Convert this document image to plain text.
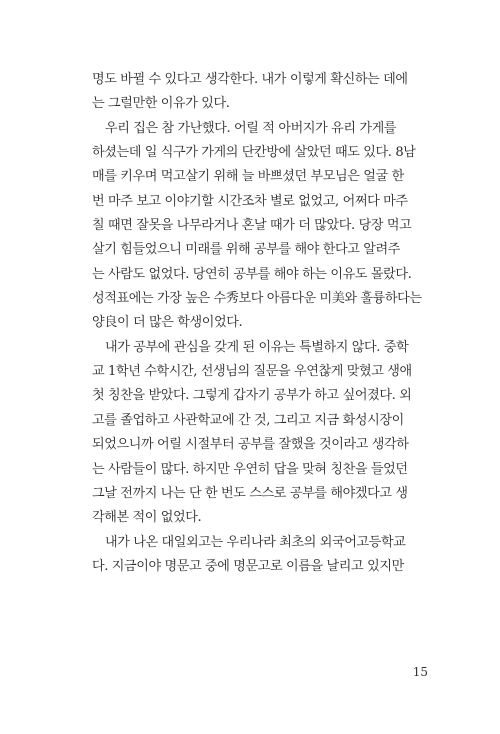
명도 바뀔 수 있다고 생각한다. 내가 이렇게 확신하는 데에
는 그럴만한 이유가 있다.
우리 집은 참 가난했다. 어릴 적 아버지가 유리 가게를
하셨는데 일 식구가 가게의 단칸방에 살았던 때도 있다. 8남
매를 키우며 먹고살기 위해 늘 바쁘셨던 부모님은 얼굴 한
번 마주 보고 이야기할 시간조차 별로 없었고, 어쩌다 마주
칠 때면 잘못을 나무라거나 혼날 때가 더 많았다. 당장 먹고
살기 힘들었으니 미래를 위해 공부를 해야 한다고 알려주
는 사람도 없었다. 당연히 공부를 해야 하는 이유도 몰랐다.
성적표에는 가장 높은 수秀보다 아름다운 미美와 훌륭하다는
양良이 더 많은 학생이었다.
내가 공부에 관심을 갖게 된 이유는 특별하지 않다. 중학
교 1학년 수학시간, 선생님의 질문을 우연찮게 맞혔고 생애
첫 칭찬을 받았다. 그렇게 갑자기 공부가 하고 싶어졌다. 외
고를 졸업하고 사관학교에 간 것, 그리고 지금 화성시장이
되었으니까 어릴 시절부터 공부를 잘했을 것이라고 생각하
는 사람들이 많다. 하지만 우연히 답을 맞혀 칭찬을 들었던
그날 전까지 나는 단 한 번도 스스로 공부를 해야겠다고 생
각해본 적이 없었다.
내가 나온 대일외고는 우리나라 최초의 외국어고등학교
다. 지금이야 명문고 중에 명문고로 이름을 날리고 있지만
15
